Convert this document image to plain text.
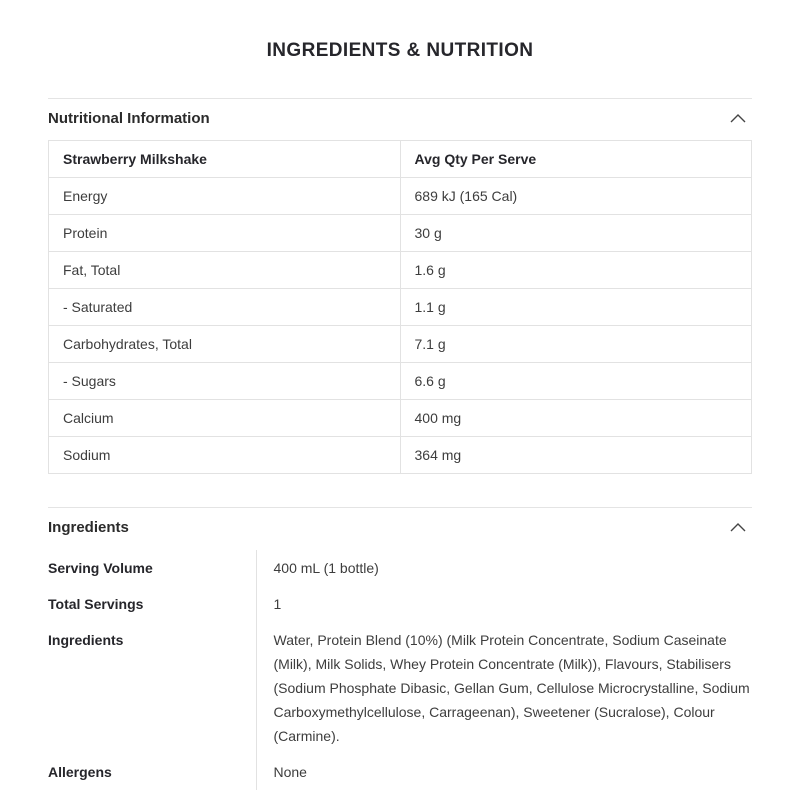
INGREDIENTS & NUTRITION
Nutritional Information
Strawberry Milkshake	Avg Qty Per Serve
Energy	689 kJ (165 Cal)
Protein	30 g
Fat, Total	1.6 g
- Saturated	1.1 g
Carbohydrates, Total	7.1 g
- Sugars	6.6 g
Calcium	400 mg
Sodium	364 mg
Ingredients
Serving Volume	400 mL (1 bottle)
Total Servings	1
Ingredients	Water, Protein Blend (10%) (Milk Protein Concentrate, Sodium Caseinate (Milk), Milk Solids, Whey Protein Concentrate (Milk)), Flavours, Stabilisers (Sodium Phosphate Dibasic, Gellan Gum, Cellulose Microcrystalline, Sodium Carboxymethylcellulose, Carrageenan), Sweetener (Sucralose), Colour (Carmine).
Allergens	None
